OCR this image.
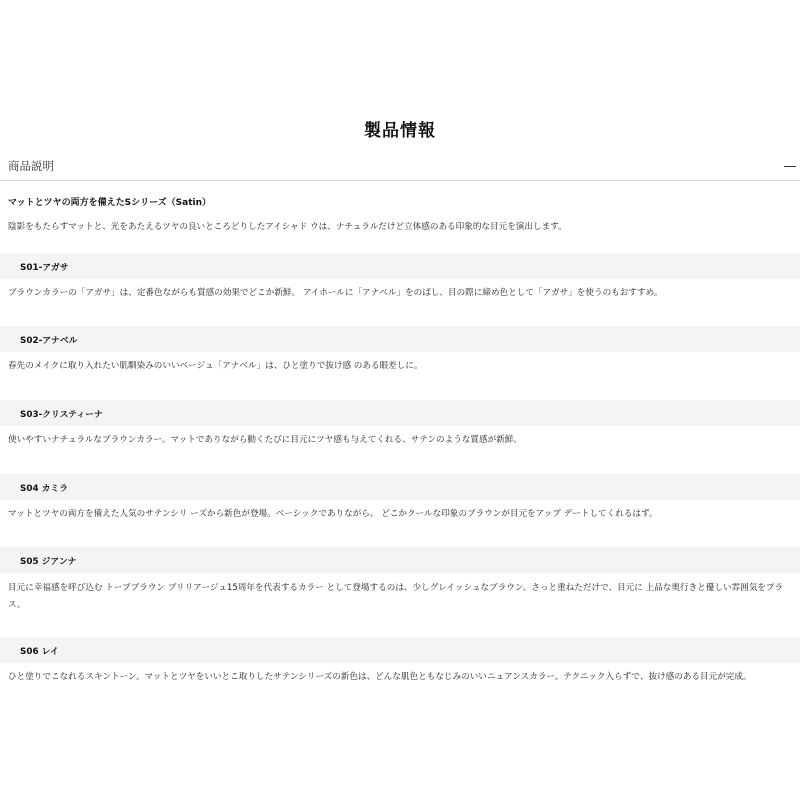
製品情報
商品説明
マットとツヤの両方を備えたSシリーズ（Satin）
陰影をもたらすマットと、光をあたえるツヤの良いところどりしたアイシャド ウは、ナチュラルだけど立体感のある印象的な目元を演出します。
S01-アガサ
ブラウンカラーの「アガサ」は、定番色ながらも質感の効果でどこか新鮮。 アイホールに「アナベル」をのばし、目の際に締め色として「アガサ」を使うのもおすすめ。
S02-アナベル
春先のメイクに取り入れたい肌馴染みのいいベージュ「アナベル」は、ひと塗りで抜け感 のある眼差しに。
S03-クリスティーナ
使いやすいナチュラルなブラウンカラー。マットでありながら動くたびに目元にツヤ感も与えてくれる、サテンのような質感が新鮮。
S04 カミラ
マットとツヤの両方を備えた人気のサテンシリ ーズから新色が登場。ベーシックでありながら、 どこかクールな印象のブラウンが目元をアップ デートしてくれるはず。
S05 ジアンナ
目元に幸福感を呼び込む トーブブラウン ブリリアージュ15周年を代表するカラー として登場するのは、少しグレイッシュなブラウン。さっと重ねただけで、目元に 上品な奥行きと優しい雰囲気をプラス。
S06 レイ
ひと塗りでこなれるスキントーン。マットとツヤをいいとこ取りしたサテンシリーズの新色は、どんな肌色ともなじみのいいニュアンスカラー。テクニック入らずで、抜け感のある目元が完成。
